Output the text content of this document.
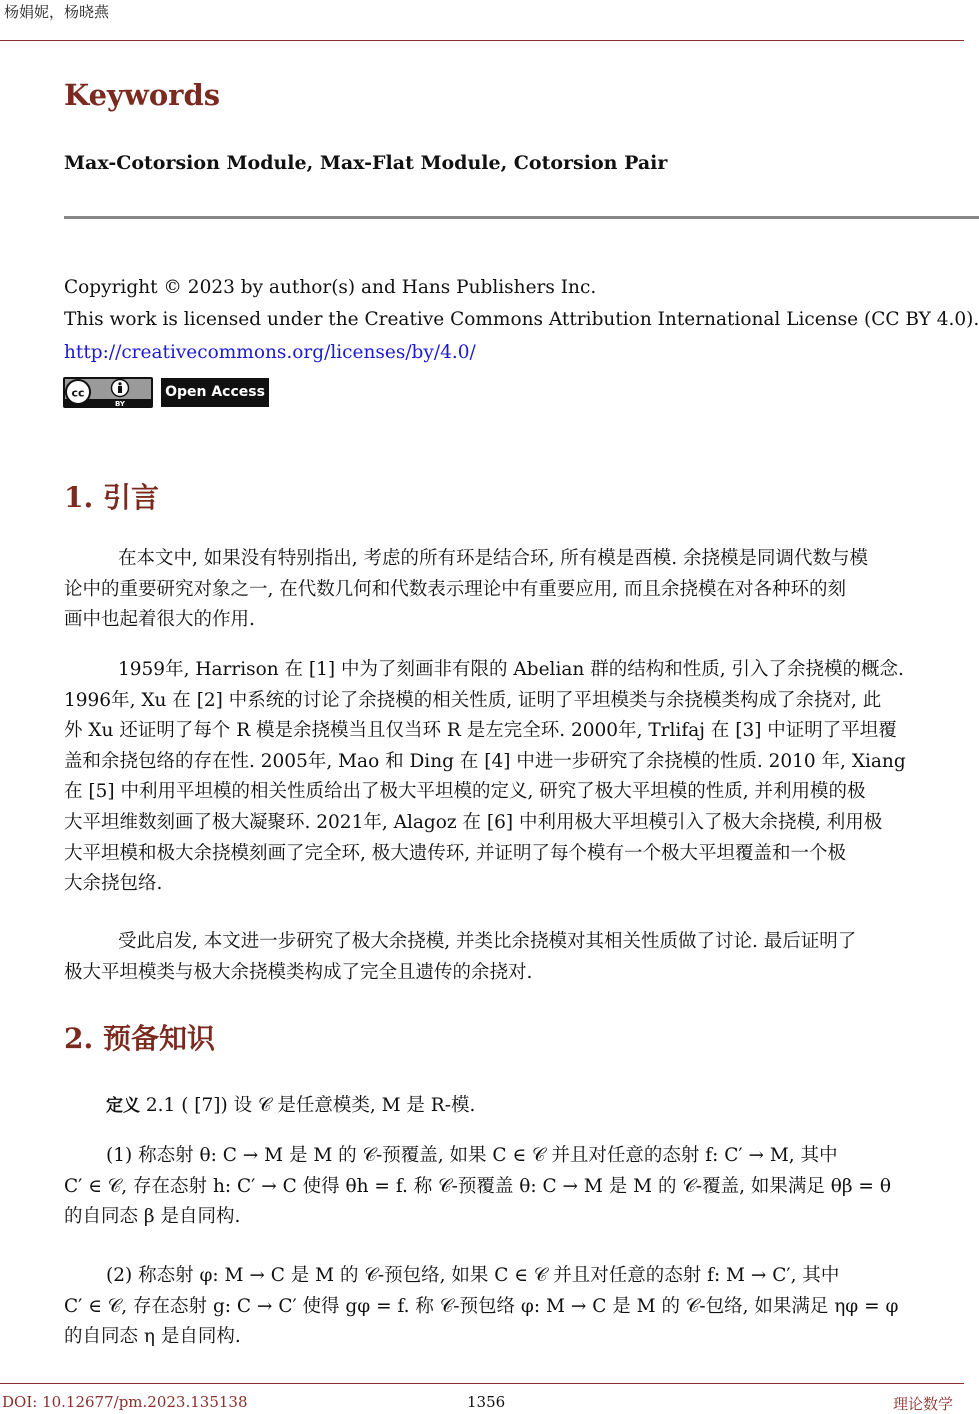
杨娟妮，杨晓燕
Keywords
Max-Cotorsion Module, Max-Flat Module, Cotorsion Pair
Copyright © 2023 by author(s) and Hans Publishers Inc.
This work is licensed under the Creative Commons Attribution International License (CC BY 4.0).
http://creativecommons.org/licenses/by/4.0/
cc
BY
Open Access
1. 引言
在本文中, 如果没有特别指出, 考虑的所有环是结合环, 所有模是酉模. 余挠模是同调代数与模
论中的重要研究对象之一, 在代数几何和代数表示理论中有重要应用, 而且余挠模在对各种环的刻
画中也起着很大的作用.
1959年, Harrison 在 [1] 中为了刻画非有限的 Abelian 群的结构和性质, 引入了余挠模的概念.
1996年, Xu 在 [2] 中系统的讨论了余挠模的相关性质, 证明了平坦模类与余挠模类构成了余挠对, 此
外 Xu 还证明了每个 R 模是余挠模当且仅当环 R 是左完全环. 2000年, Trlifaj 在 [3] 中证明了平坦覆
盖和余挠包络的存在性. 2005年, Mao 和 Ding 在 [4] 中进一步研究了余挠模的性质. 2010 年, Xiang
在 [5] 中利用平坦模的相关性质给出了极大平坦模的定义, 研究了极大平坦模的性质, 并利用模的极
大平坦维数刻画了极大凝聚环. 2021年, Alagoz 在 [6] 中利用极大平坦模引入了极大余挠模, 利用极
大平坦模和极大余挠模刻画了完全环, 极大遗传环, 并证明了每个模有一个极大平坦覆盖和一个极
大余挠包络.
受此启发, 本文进一步研究了极大余挠模, 并类比余挠模对其相关性质做了讨论. 最后证明了
极大平坦模类与极大余挠模类构成了完全且遗传的余挠对.
2. 预备知识
定义 2.1 ( [7]) 设 𝒞 是任意模类, M 是 R-模.
(1) 称态射 θ: C → M 是 M 的 𝒞-预覆盖, 如果 C ∈ 𝒞 并且对任意的态射 f: C′ → M, 其中
C′ ∈ 𝒞, 存在态射 h: C′ → C 使得 θh = f. 称 𝒞-预覆盖 θ: C → M 是 M 的 𝒞-覆盖, 如果满足 θβ = θ
的自同态 β 是自同构.
(2) 称态射 φ: M → C 是 M 的 𝒞-预包络, 如果 C ∈ 𝒞 并且对任意的态射 f: M → C′, 其中
C′ ∈ 𝒞, 存在态射 g: C → C′ 使得 gφ = f. 称 𝒞-预包络 φ: M → C 是 M 的 𝒞-包络, 如果满足 ηφ = φ
的自同态 η 是自同构.
DOI: 10.12677/pm.2023.135138	1356	理论数学
